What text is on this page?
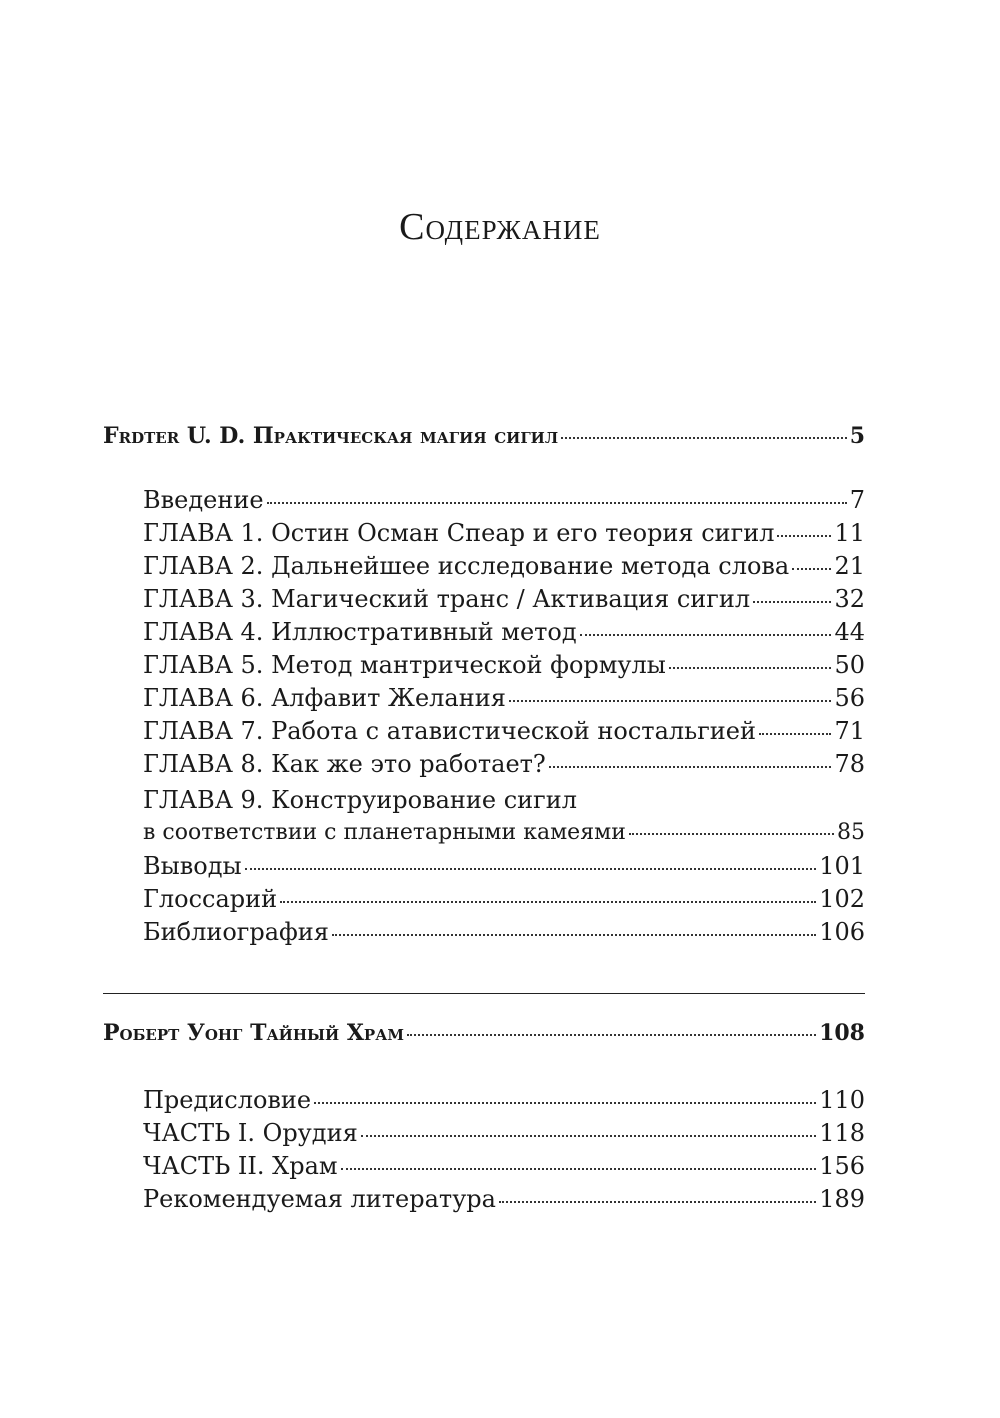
Содержание
Frdter U. D. Практическая магия сигил	5
Введение	7
ГЛАВА 1. Остин Осман Спеар и его теория сигил	11
ГЛАВА 2. Дальнейшее исследование метода слова 21
ГЛАВА 3. Магический транс / Активация сигил	32
ГЛАВА 4. Иллюстративный метод	44
ГЛАВА 5. Метод мантрической формулы	50
ГЛАВА 6. Алфавит Желания	56
ГЛАВА 7. Работа с атавистической ностальгией	71
ГЛАВА 8. Как же это работает?	78
ГЛАВА 9. Конструирование сигил
в соответствии с планетарными камеями	85
Выводы	101
Глоссарий	102
Библиография	106
Роберт Уонг Тайный Храм	108
Предисловие	110
ЧАСТЬ I. Орудия	118
ЧАСТЬ II. Храм	156
Рекомендуемая литература	189
